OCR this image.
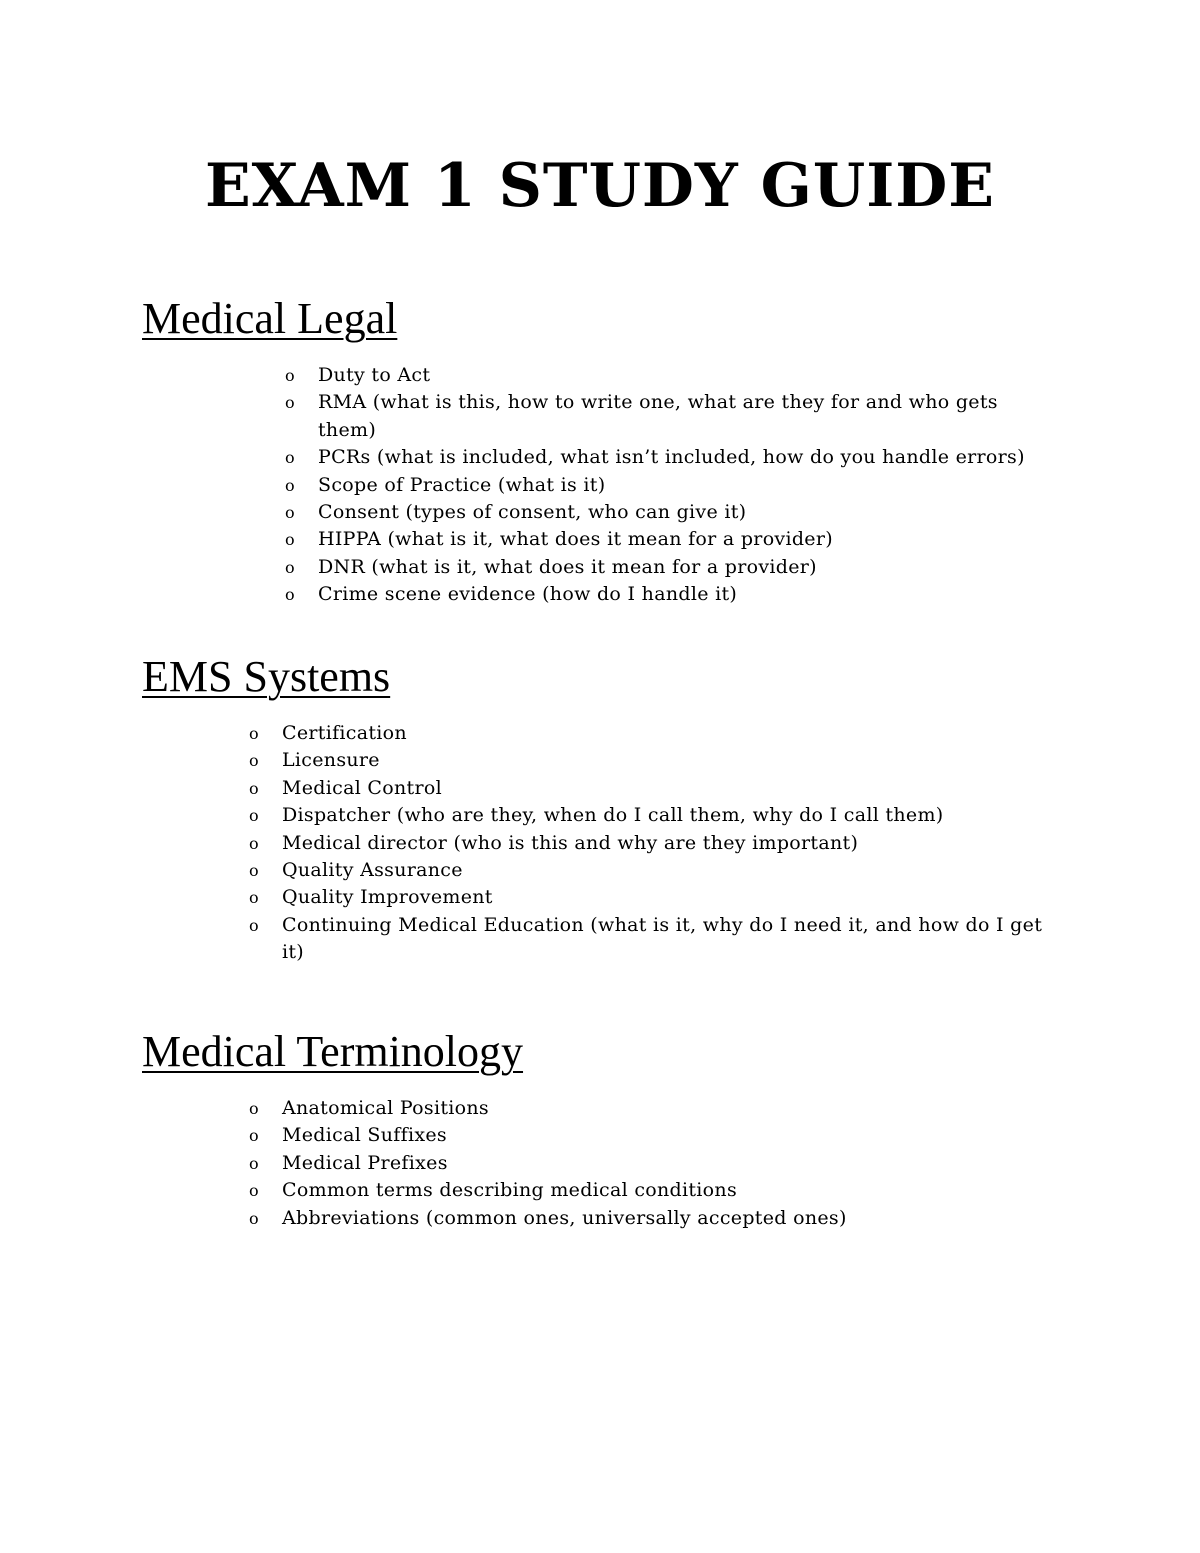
EXAM 1 STUDY GUIDE
Medical Legal
o Duty to Act
o RMA (what is this, how to write one, what are they for and who gets them)
o PCRs (what is included, what isn’t included, how do you handle errors)
o Scope of Practice (what is it)
o Consent (types of consent, who can give it)
o HIPPA (what is it, what does it mean for a provider)
o DNR (what is it, what does it mean for a provider)
o Crime scene evidence (how do I handle it)
EMS Systems
o Certification
o Licensure
o Medical Control
o Dispatcher (who are they, when do I call them, why do I call them)
o Medical director (who is this and why are they important)
o Quality Assurance
o Quality Improvement
o Continuing Medical Education (what is it, why do I need it, and how do I get it)
Medical Terminology
o Anatomical Positions
o Medical Suffixes
o Medical Prefixes
o Common terms describing medical conditions
o Abbreviations (common ones, universally accepted ones)
